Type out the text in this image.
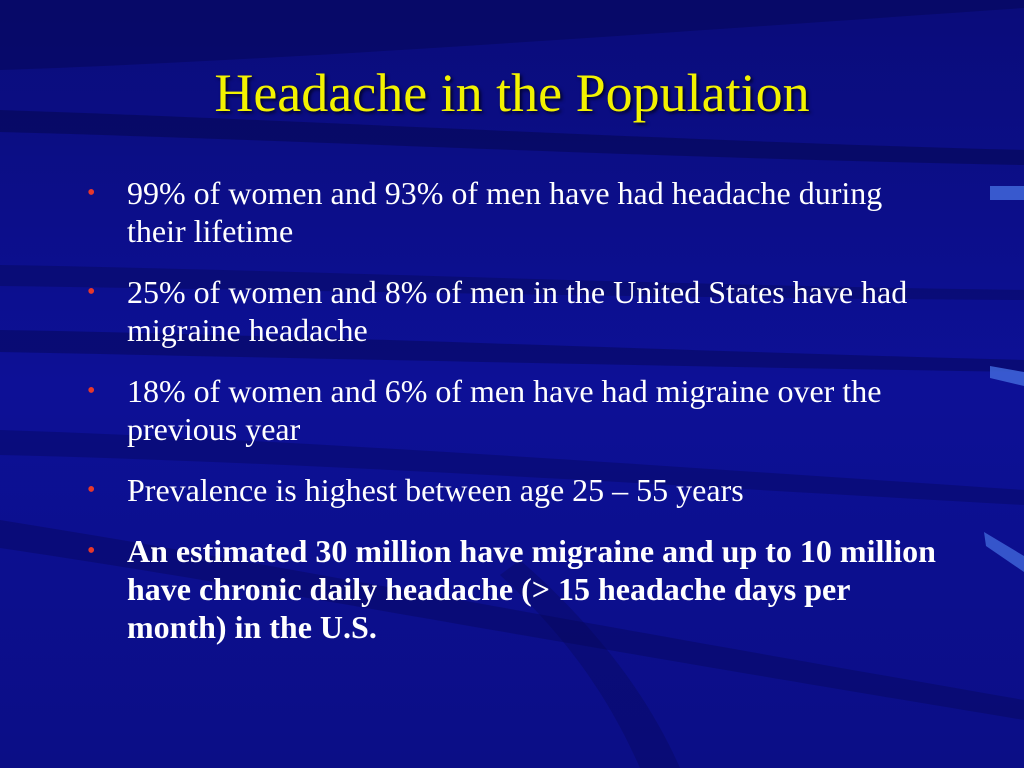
Headache in the Population
• 99% of women and 93% of men have had headache during their lifetime
• 25% of women and 8% of men in the United States have had migraine headache
• 18% of women and 6% of men have had migraine over the previous year
• Prevalence is highest between age 25 – 55 years
• An estimated 30 million have migraine and up to 10 million have chronic daily headache (> 15 headache days per month) in the U.S.
